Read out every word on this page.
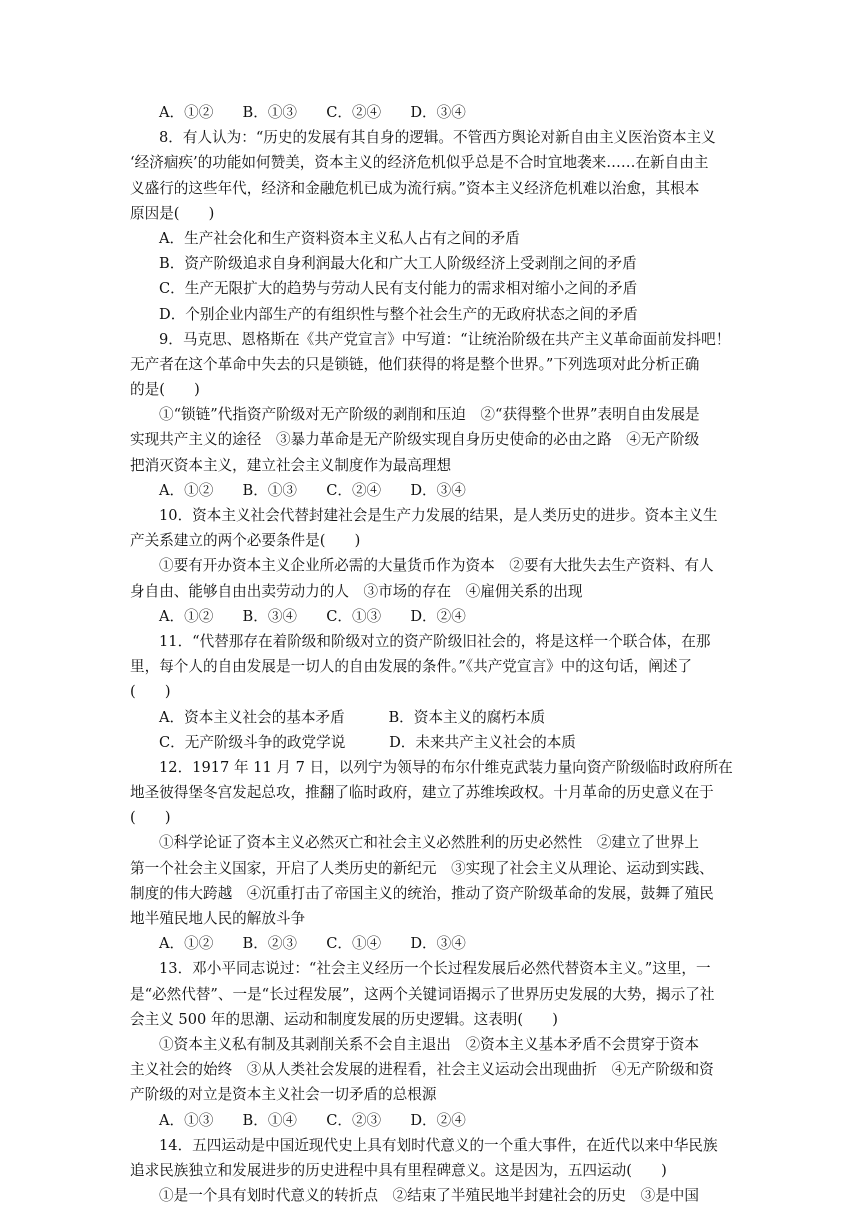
A．①②　　B．①③　　C．②④　　D．③④
8．有人认为：“历史的发展有其自身的逻辑。不管西方舆论对新自由主义医治资本主义
‘经济痼疾’的功能如何赞美，资本主义的经济危机似乎总是不合时宜地袭来……在新自由主
义盛行的这些年代，经济和金融危机已成为流行病。”资本主义经济危机难以治愈，其根本
原因是(　　)
A．生产社会化和生产资料资本主义私人占有之间的矛盾
B．资产阶级追求自身利润最大化和广大工人阶级经济上受剥削之间的矛盾
C．生产无限扩大的趋势与劳动人民有支付能力的需求相对缩小之间的矛盾
D．个别企业内部生产的有组织性与整个社会生产的无政府状态之间的矛盾
9．马克思、恩格斯在《共产党宣言》中写道：“让统治阶级在共产主义革命面前发抖吧！
无产者在这个革命中失去的只是锁链，他们获得的将是整个世界。”下列选项对此分析正确
的是(　　)
①“锁链”代指资产阶级对无产阶级的剥削和压迫　②“获得整个世界”表明自由发展是
实现共产主义的途径　③暴力革命是无产阶级实现自身历史使命的必由之路　④无产阶级
把消灭资本主义，建立社会主义制度作为最高理想
A．①②　　B．①③　　C．②④　　D．③④
10．资本主义社会代替封建社会是生产力发展的结果，是人类历史的进步。资本主义生
产关系建立的两个必要条件是(　　)
①要有开办资本主义企业所必需的大量货币作为资本　②要有大批失去生产资料、有人
身自由、能够自由出卖劳动力的人　③市场的存在　④雇佣关系的出现
A．①②　　B．③④　　C．①③　　D．②④
11．“代替那存在着阶级和阶级对立的资产阶级旧社会的，将是这样一个联合体，在那
里，每个人的自由发展是一切人的自由发展的条件。”《共产党宣言》中的这句话，阐述了
(　　)
A．资本主义社会的基本矛盾　　　B．资本主义的腐朽本质
C．无产阶级斗争的政党学说　　　D．未来共产主义社会的本质
12．1917 年 11 月 7 日，以列宁为领导的布尔什维克武装力量向资产阶级临时政府所在
地圣彼得堡冬宫发起总攻，推翻了临时政府，建立了苏维埃政权。十月革命的历史意义在于
(　　)
①科学论证了资本主义必然灭亡和社会主义必然胜利的历史必然性　②建立了世界上
第一个社会主义国家，开启了人类历史的新纪元　③实现了社会主义从理论、运动到实践、
制度的伟大跨越　④沉重打击了帝国主义的统治，推动了资产阶级革命的发展，鼓舞了殖民
地半殖民地人民的解放斗争
A．①②　　B．②③　　C．①④　　D．③④
13．邓小平同志说过：“社会主义经历一个长过程发展后必然代替资本主义。”这里，一
是“必然代替”、一是“长过程发展”，这两个关键词语揭示了世界历史发展的大势，揭示了社
会主义 500 年的思潮、运动和制度发展的历史逻辑。这表明(　　)
①资本主义私有制及其剥削关系不会自主退出　②资本主义基本矛盾不会贯穿于资本
主义社会的始终　③从人类社会发展的进程看，社会主义运动会出现曲折　④无产阶级和资
产阶级的对立是资本主义社会一切矛盾的总根源
A．①③　　B．①④　　C．②③　　D．②④
14．五四运动是中国近现代史上具有划时代意义的一个重大事件，在近代以来中华民族
追求民族独立和发展进步的历史进程中具有里程碑意义。这是因为，五四运动(　　)
①是一个具有划时代意义的转折点　②结束了半殖民地半封建社会的历史　③是中国
